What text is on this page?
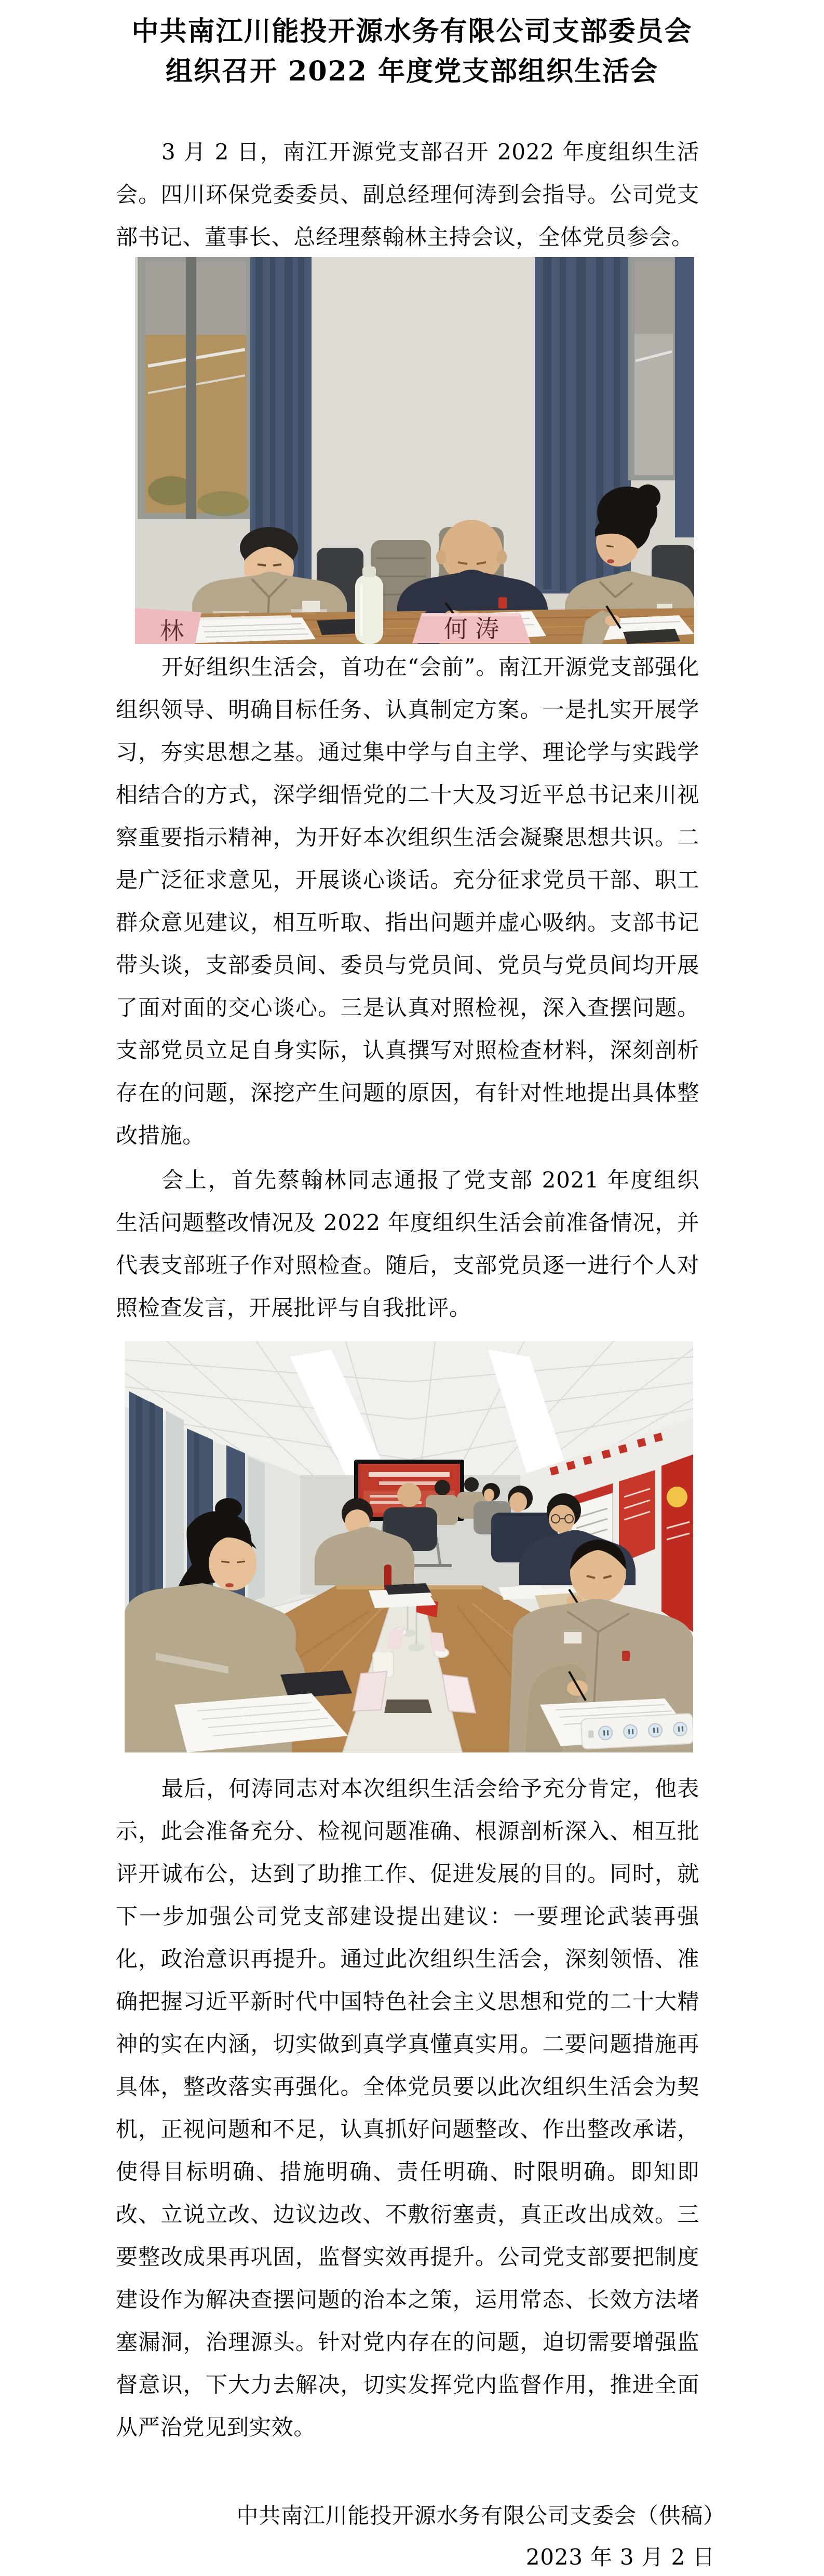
中共南江川能投开源水务有限公司支部委员会
组织召开 2022 年度党支部组织生活会
3 月 2 日，南江开源党支部召开 2022 年度组织生活会。四川环保党委委员、副总经理何涛到会指导。公司党支部书记、董事长、总经理蔡翰林主持会议，全体党员参会。
林	何 涛
开好组织生活会，首功在“会前”。南江开源党支部强化组织领导、明确目标任务、认真制定方案。一是扎实开展学习，夯实思想之基。通过集中学与自主学、理论学与实践学相结合的方式，深学细悟党的二十大及习近平总书记来川视察重要指示精神，为开好本次组织生活会凝聚思想共识。二是广泛征求意见，开展谈心谈话。充分征求党员干部、职工群众意见建议，相互听取、指出问题并虚心吸纳。支部书记带头谈，支部委员间、委员与党员间、党员与党员间均开展了面对面的交心谈心。三是认真对照检视，深入查摆问题。支部党员立足自身实际，认真撰写对照检查材料，深刻剖析存在的问题，深挖产生问题的原因，有针对性地提出具体整改措施。
会上，首先蔡翰林同志通报了党支部 2021 年度组织生活问题整改情况及 2022 年度组织生活会前准备情况，并代表支部班子作对照检查。随后，支部党员逐一进行个人对照检查发言，开展批评与自我批评。
最后，何涛同志对本次组织生活会给予充分肯定，他表示，此会准备充分、检视问题准确、根源剖析深入、相互批评开诚布公，达到了助推工作、促进发展的目的。同时，就下一步加强公司党支部建设提出建议：一要理论武装再强化，政治意识再提升。通过此次组织生活会，深刻领悟、准确把握习近平新时代中国特色社会主义思想和党的二十大精神的实在内涵，切实做到真学真懂真实用。二要问题措施再具体，整改落实再强化。全体党员要以此次组织生活会为契机，正视问题和不足，认真抓好问题整改、作出整改承诺，使得目标明确、措施明确、责任明确、时限明确。即知即改、立说立改、边议边改、不敷衍塞责，真正改出成效。三要整改成果再巩固，监督实效再提升。公司党支部要把制度建设作为解决查摆问题的治本之策，运用常态、长效方法堵塞漏洞，治理源头。针对党内存在的问题，迫切需要增强监督意识，下大力去解决，切实发挥党内监督作用，推进全面从严治党见到实效。
中共南江川能投开源水务有限公司支委会（供稿）
2023 年 3 月 2 日
